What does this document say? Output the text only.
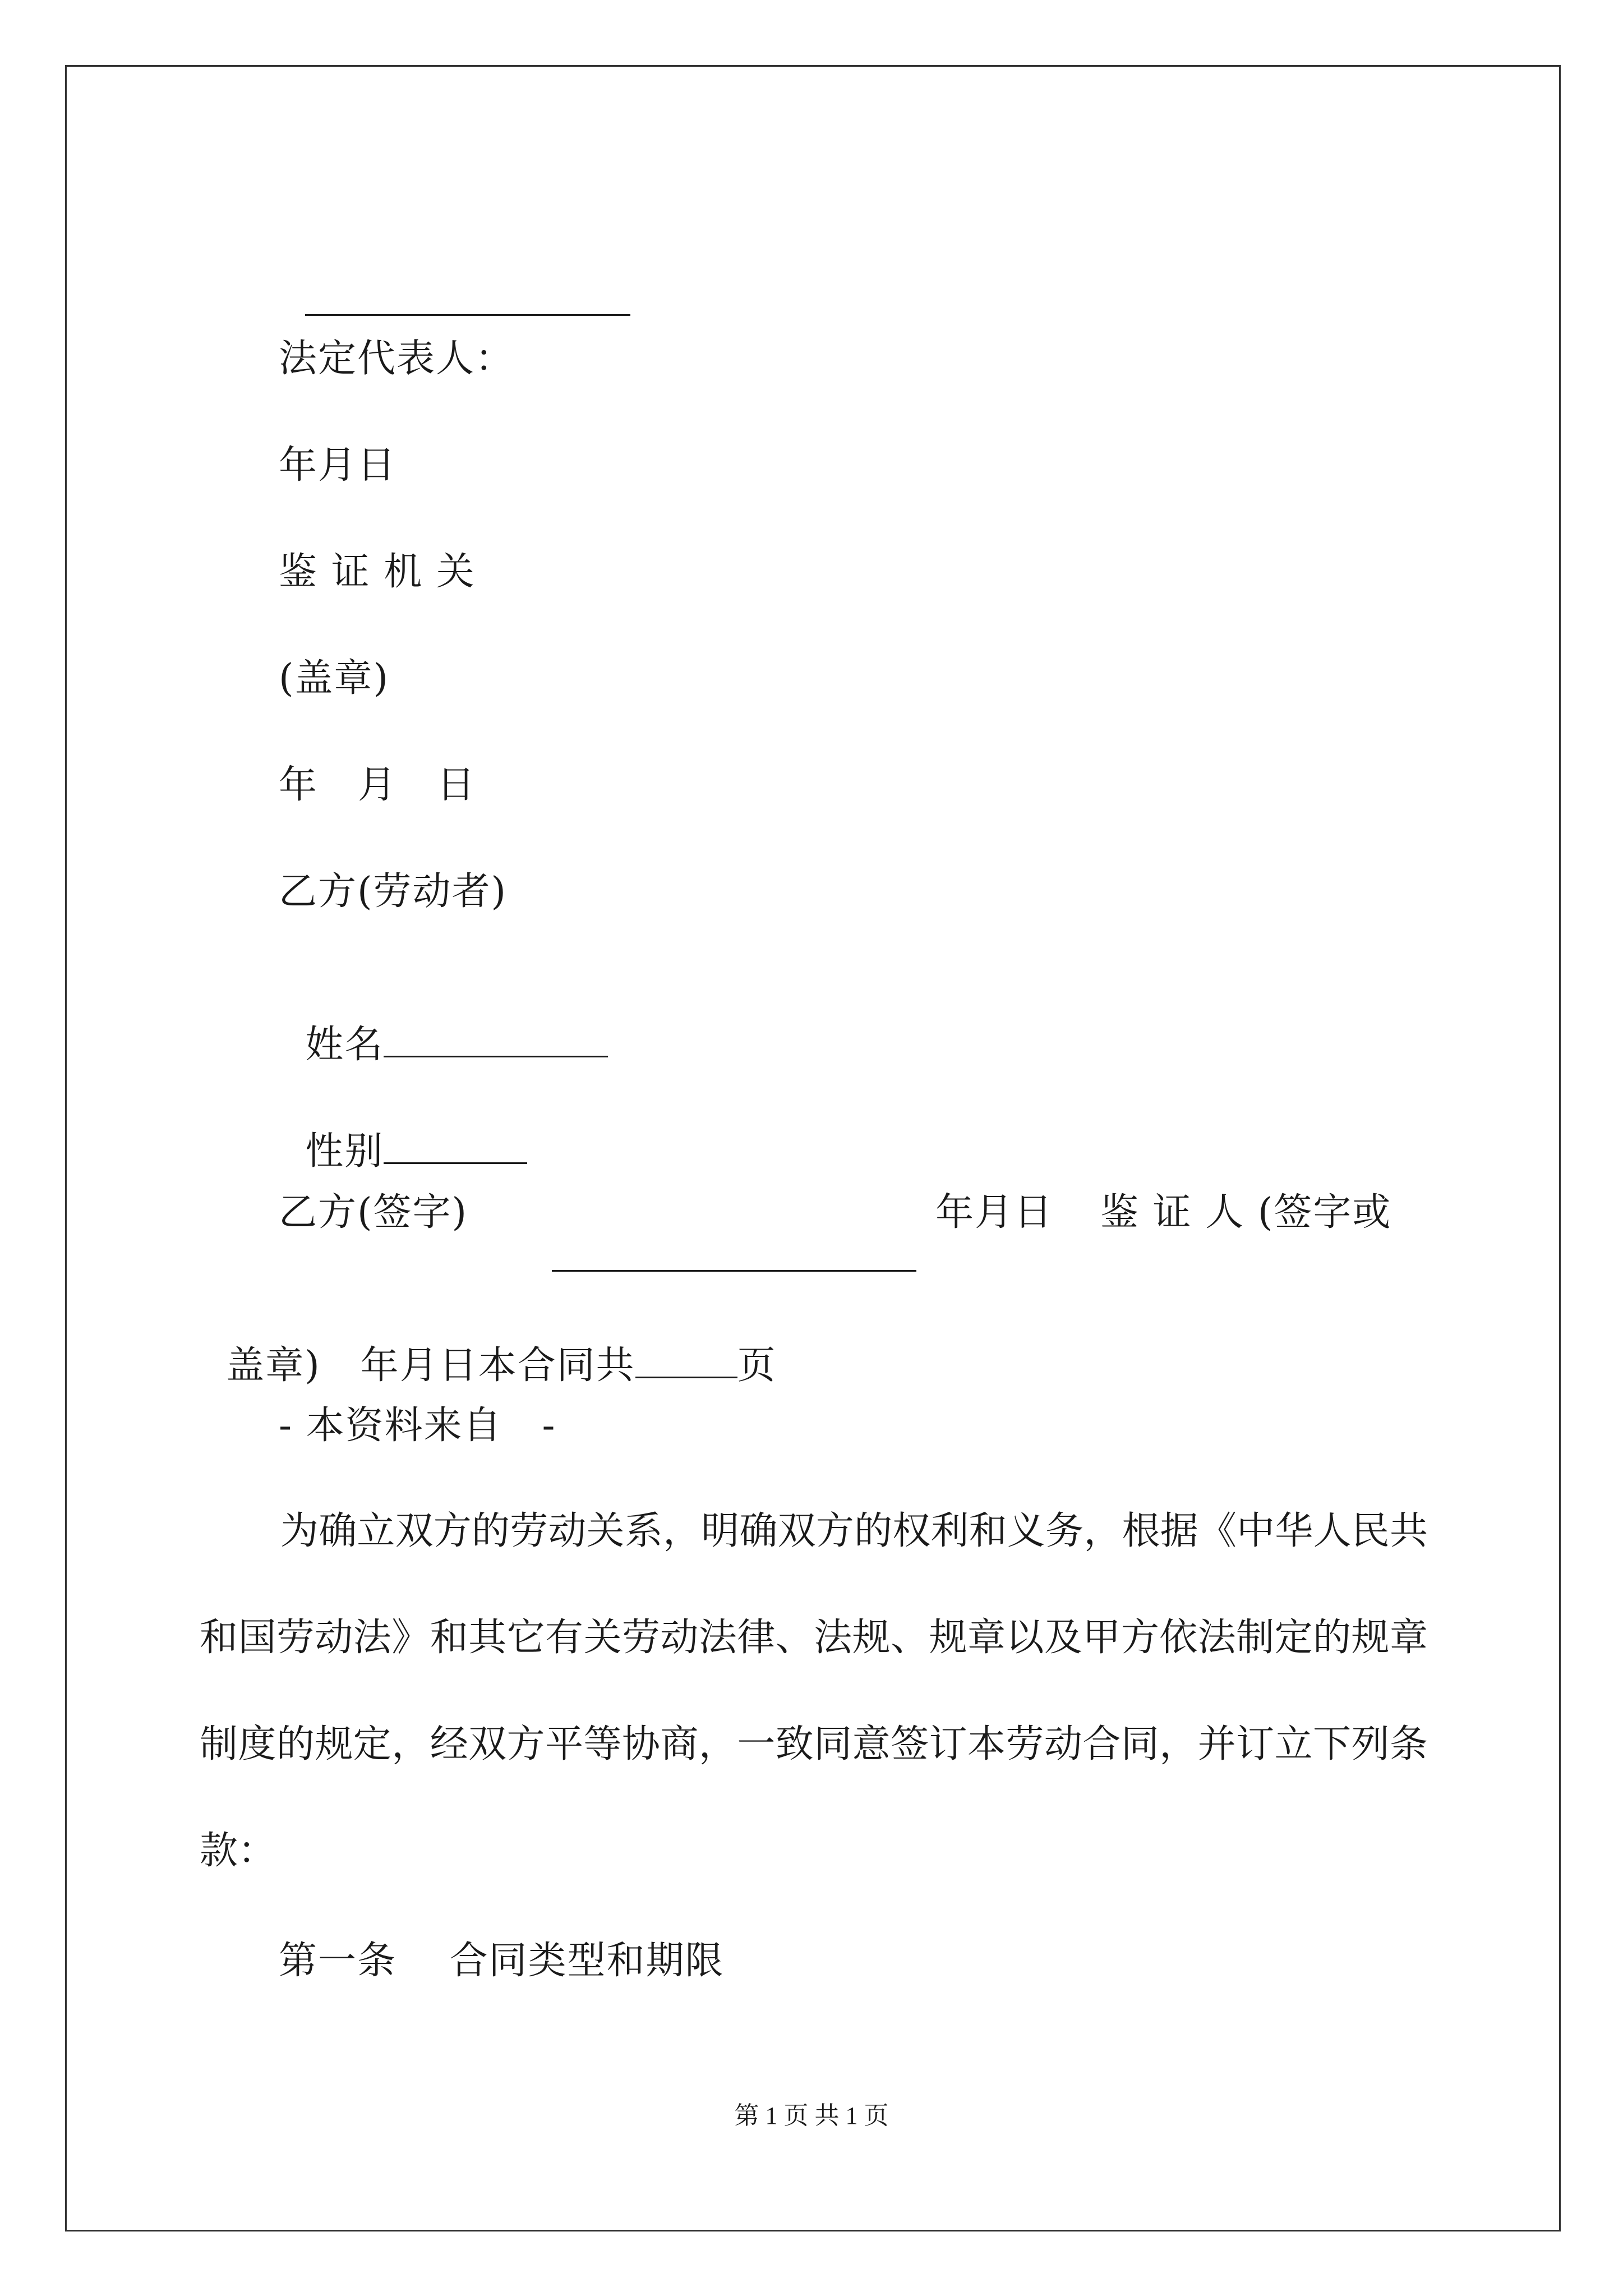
法定代表人：
年月日
鉴 证 机 关
(盖章)
年   月   日
乙方(劳动者)

姓名

性别

乙方(签字)

	年月日 鉴 证 人 (签字或

盖章)   年月日本合同共	页

- 本资料来自   -
为确立双方的劳动关系，明确双方的权利和义务，根据《中华人民共和国劳动法》和其它有关劳动法律、法规、规章以及甲方依法制定的规章制度的规定，经双方平等协商，一致同意签订本劳动合同，并订立下列条款：
第一条    合同类型和期限
第 1 页 共 1 页
